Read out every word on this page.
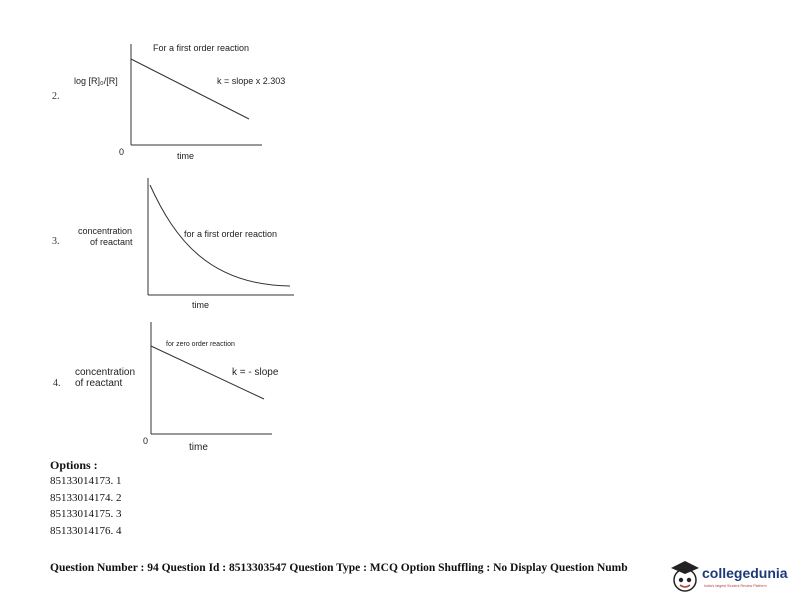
2.
For a first order reaction
log [R]₀/[R]	k = slope x 2.303
0	time
3.
concentration
of reactant
for a first order reaction
time
for zero order reaction
concentration
4. of reactant
k = - slope
0
time
Options :
85133014173. 1
85133014174. 2
85133014175. 3
85133014176. 4
Question Number : 94 Question Id : 8513303547 Question Type : MCQ Option Shuffling : No Display Question Numb	collegedunia
India's largest Student Review Platform
